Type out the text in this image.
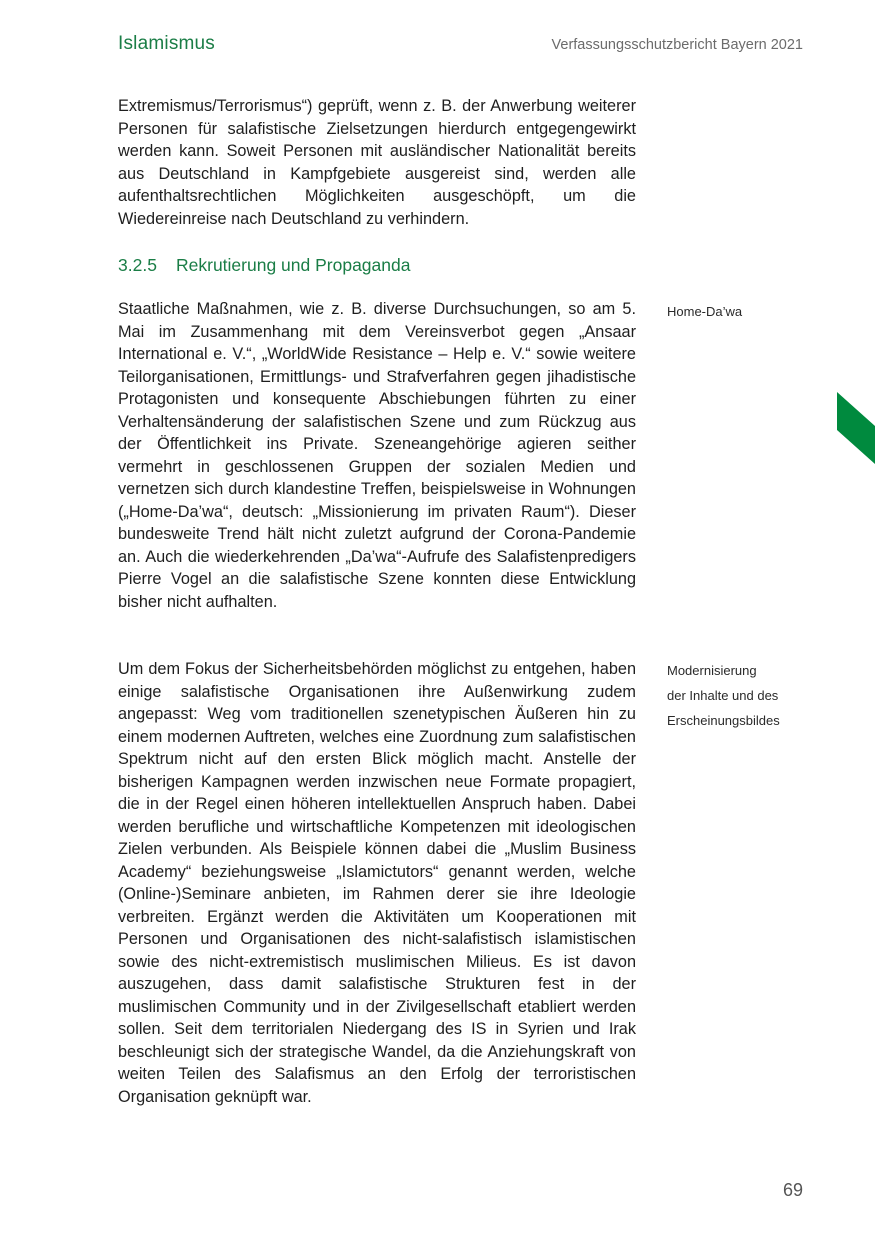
Islamismus	Verfassungsschutzbericht Bayern 2021

Extremismus/Terrorismus“) geprüft, wenn z. B. der Anwerbung weiterer Personen für salafistische Zielsetzungen hierdurch entgegengewirkt werden kann. Soweit Personen mit ausländischer Nationalität bereits aus Deutschland in Kampfgebiete ausgereist sind, werden alle aufenthaltsrechtlichen Möglichkeiten ausgeschöpft, um die Wiedereinreise nach Deutschland zu verhindern.

3.2.5 Rekrutierung und Propaganda

Staatliche Maßnahmen, wie z. B. diverse Durchsuchungen, so am 5. Mai im Zusammenhang mit dem Vereinsverbot gegen „Ansaar International e. V.“, „WorldWide Resistance – Help e. V.“ sowie weitere Teilorganisationen, Ermittlungs- und Strafverfahren gegen jihadistische Protagonisten und konsequente Abschiebungen führten zu einer Verhaltensänderung der salafistischen Szene und zum Rückzug aus der Öffentlichkeit ins Private. Szeneangehörige agieren seither vermehrt in geschlossenen Gruppen der sozialen Medien und vernetzen sich durch klandestine Treffen, beispielsweise in Wohnungen („Home-Da’wa“, deutsch: „Missionierung im privaten Raum“). Dieser bundesweite Trend hält nicht zuletzt aufgrund der Corona-Pandemie an. Auch die wiederkehrenden „Da’wa“-Aufrufe des Salafistenpredigers Pierre Vogel an die salafistische Szene konnten diese Entwicklung bisher nicht aufhalten.

Home-Da’wa

Um dem Fokus der Sicherheitsbehörden möglichst zu entgehen, haben einige salafistische Organisationen ihre Außenwirkung zudem angepasst: Weg vom traditionellen szenetypischen Äußeren hin zu einem modernen Auftreten, welches eine Zuordnung zum salafistischen Spektrum nicht auf den ersten Blick möglich macht. Anstelle der bisherigen Kampagnen werden inzwischen neue Formate propagiert, die in der Regel einen höheren intellektuellen Anspruch haben. Dabei werden berufliche und wirtschaftliche Kompetenzen mit ideologischen Zielen verbunden. Als Beispiele können dabei die „Muslim Business Academy“ beziehungsweise „Islamictutors“ genannt werden, welche (Online-)Seminare anbieten, im Rahmen derer sie ihre Ideologie verbreiten. Ergänzt werden die Aktivitäten um Kooperationen mit Personen und Organisationen des nicht-salafistisch islamistischen sowie des nicht-extremistisch muslimischen Milieus. Es ist davon auszugehen, dass damit salafistische Strukturen fest in der muslimischen Community und in der Zivilgesellschaft etabliert werden sollen. Seit dem territorialen Niedergang des IS in Syrien und Irak beschleunigt sich der strategische Wandel, da die Anziehungskraft von weiten Teilen des Salafismus an den Erfolg der terroristischen Organisation geknüpft war.

Modernisierung
der Inhalte und des
Erscheinungsbildes
69
